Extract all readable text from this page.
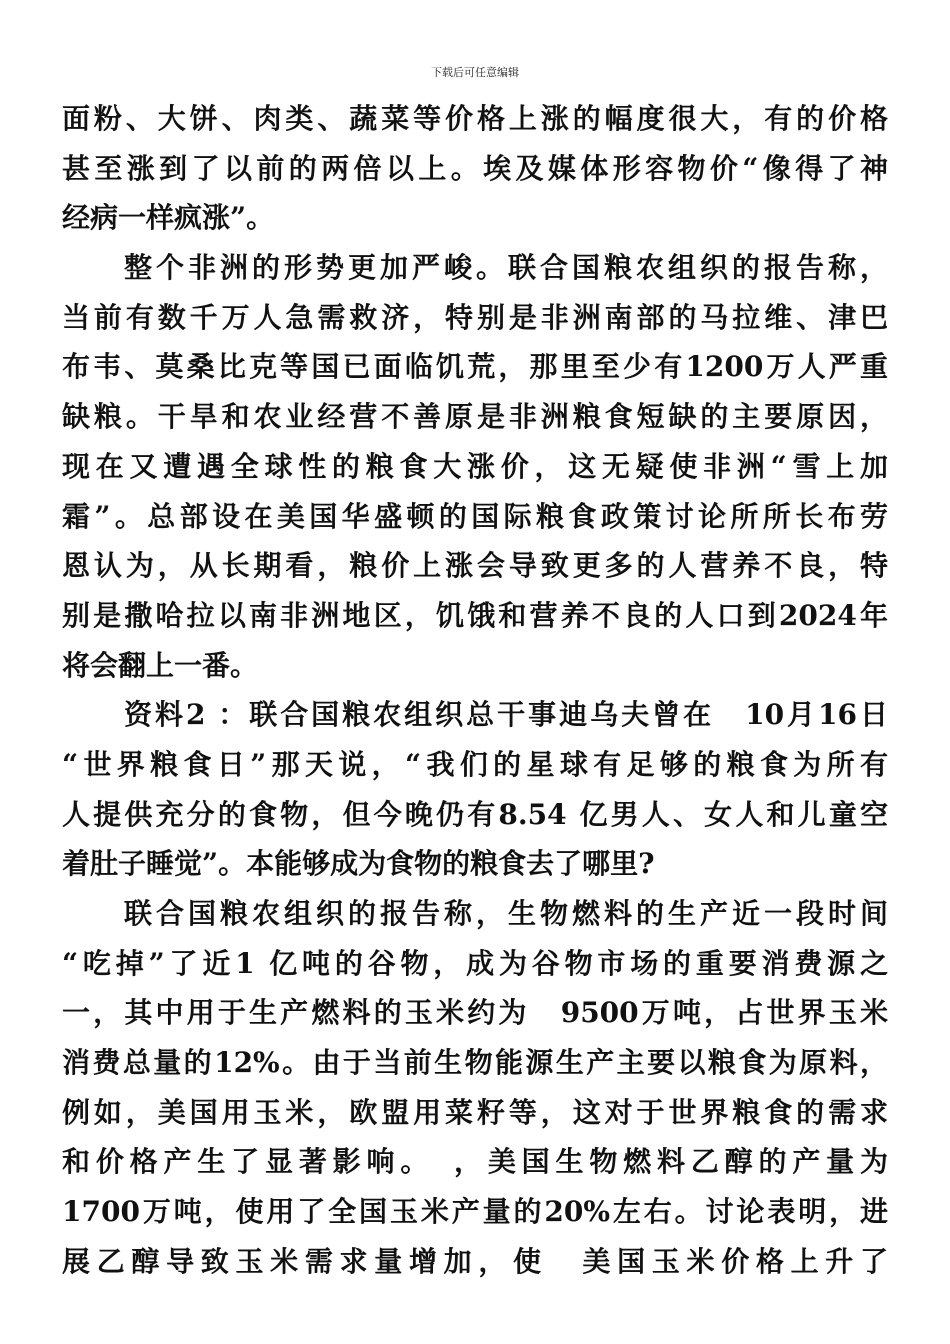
下载后可任意编辑
面粉、大饼、肉类、蔬菜等价格上涨的幅度很大，有的价格
甚至涨到了以前的两倍以上。埃及媒体形容物价“像得了神
经病一样疯涨”。
整个非洲的形势更加严峻。联合国粮农组织的报告称，
当前有数千万人急需救济，特别是非洲南部的马拉维、津巴
布韦、莫桑比克等国已面临饥荒，那里至少有1200万人严重
缺粮。干旱和农业经营不善原是非洲粮食短缺的主要原因，
现在又遭遇全球性的粮食大涨价，这无疑使非洲“雪上加
霜”。总部设在美国华盛顿的国际粮食政策讨论所所长布劳
恩认为，从长期看，粮价上涨会导致更多的人营养不良，特
别是撒哈拉以南非洲地区，饥饿和营养不良的人口到2024年
将会翻上一番。
资料2 ：联合国粮农组织总干事迪乌夫曾在　10月16日
“世界粮食日”那天说，“我们的星球有足够的粮食为所有
人提供充分的食物，但今晚仍有8.54 亿男人、女人和儿童空
着肚子睡觉”。本能够成为食物的粮食去了哪里?
联合国粮农组织的报告称，生物燃料的生产近一段时间
“吃掉”了近1 亿吨的谷物，成为谷物市场的重要消费源之
一，其中用于生产燃料的玉米约为　9500万吨，占世界玉米
消费总量的12%。由于当前生物能源生产主要以粮食为原料，
例如，美国用玉米，欧盟用菜籽等，这对于世界粮食的需求
和价格产生了显著影响。　，美国生物燃料乙醇的产量为
1700万吨，使用了全国玉米产量的20%左右。讨论表明，进
展乙醇导致玉米需求量增加，使　美国玉米价格上升了
